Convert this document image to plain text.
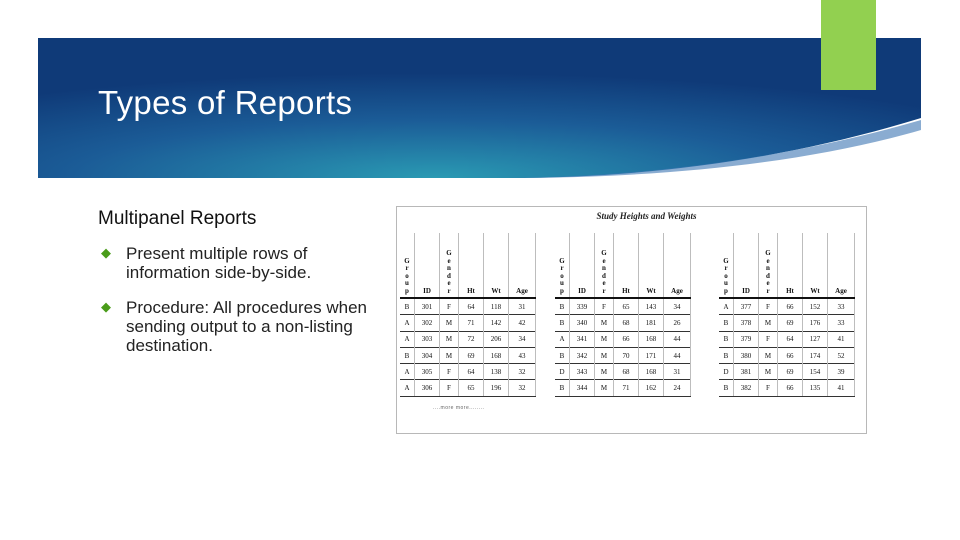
Types of Reports
Multipanel Reports
◆ Present multiple rows of information side-by-side.
◆ Procedure: All procedures when sending output to a non-listing destination.
Study Heights and Weights
Group	ID	Gender	Ht	Wt	Age
B	301	F	64	118	31
A	302	M	71	142	42
A	303	M	72	206	34
B	304	M	69	168	43
A	305	F	64	138	32
A	306	F	65	196	32
Group	ID	Gender	Ht	Wt	Age
B	339	F	65	143	34
B	340	M	68	181	26
A	341	M	66	168	44
B	342	M	70	171	44
D	343	M	68	168	31
B	344	M	71	162	24
Group	ID	Gender	Ht	Wt	Age
A	377	F	66	152	33
B	378	M	69	176	33
B	379	F	64	127	41
B	380	M	66	174	52
D	381	M	69	154	39
B	382	F	66	135	41
....more more........
